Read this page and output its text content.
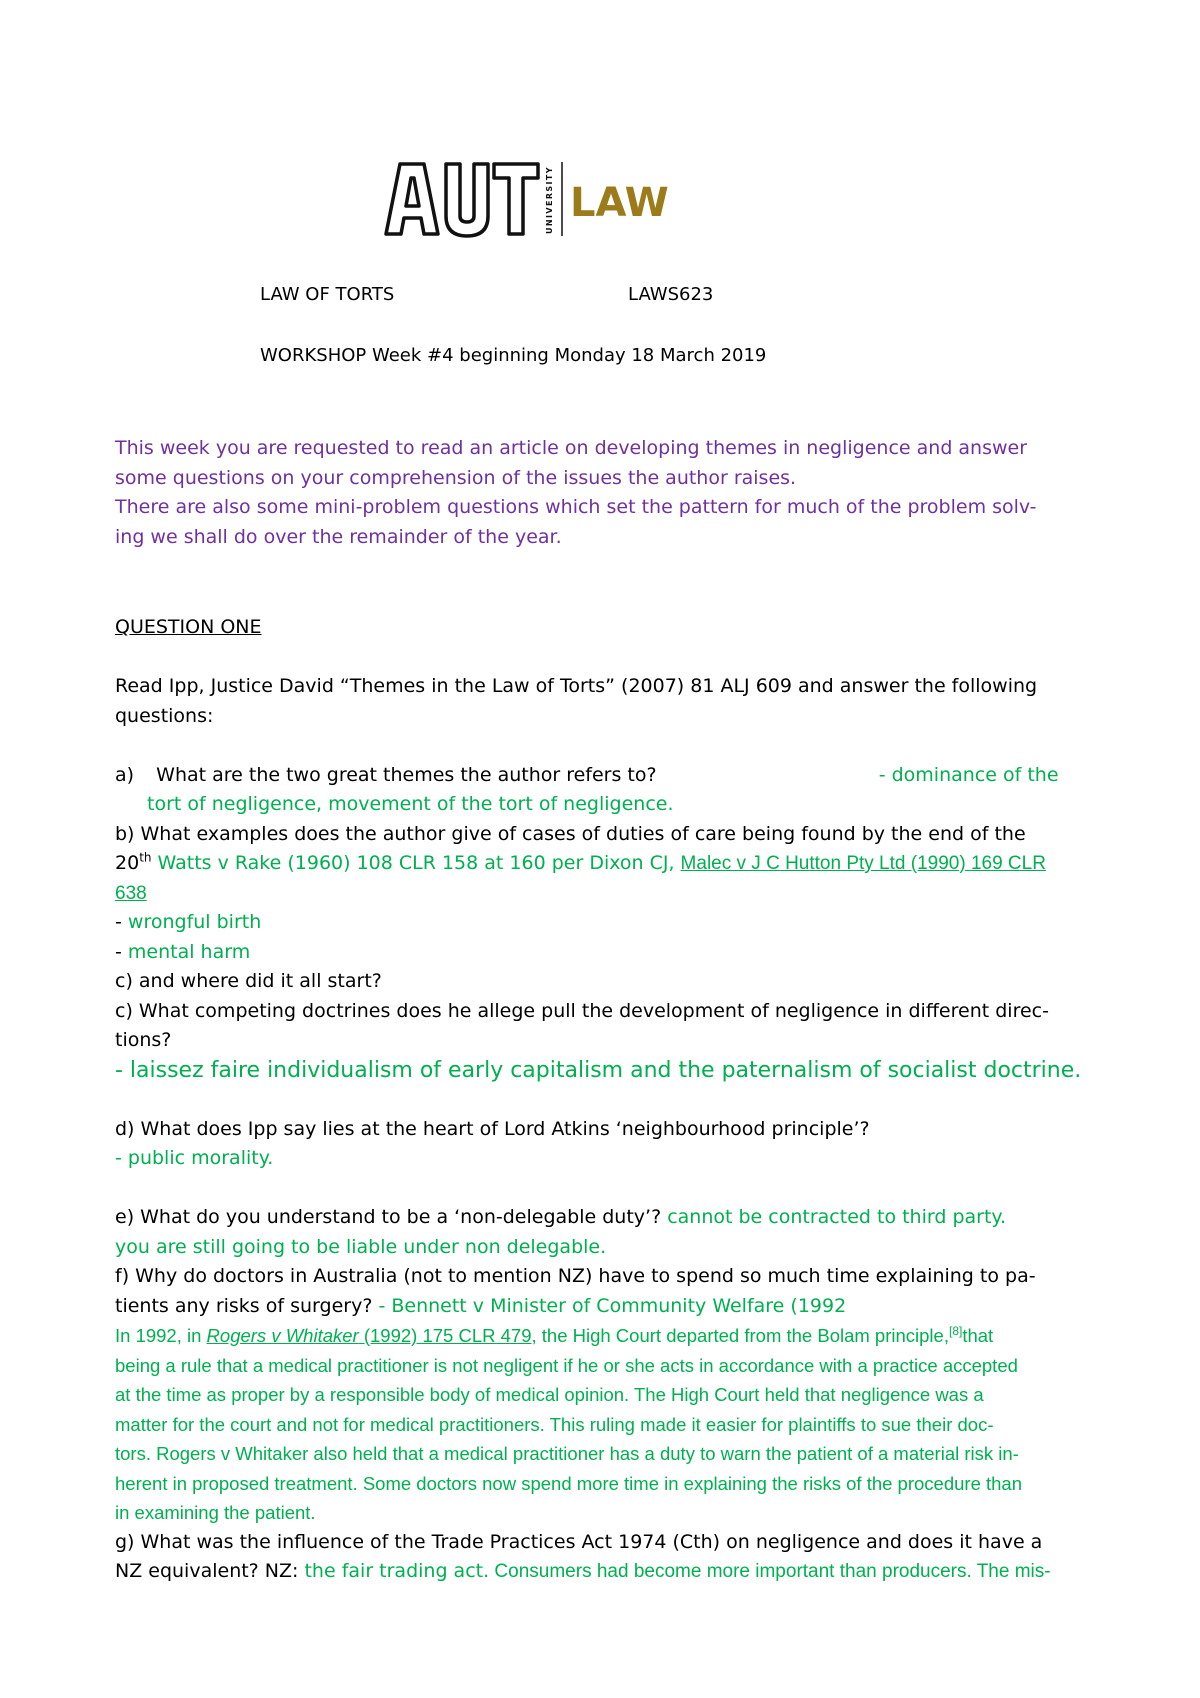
UNIVERSITY LAW
LAW OF TORTS	LAWS623
WORKSHOP Week #4 beginning Monday 18 March 2019
This week you are requested to read an article on developing themes in negligence and answer
some questions on your comprehension of the issues the author raises.
There are also some mini-problem questions which set the pattern for much of the problem solv-
ing we shall do over the remainder of the year.
QUESTION ONE
Read Ipp, Justice David “Themes in the Law of Torts” (2007) 81 ALJ 609 and answer the following
questions:
a) What are the two great themes the author refers to?	- dominance of the
tort of negligence, movement of the tort of negligence.
b) What examples does the author give of cases of duties of care being found by the end of the
20th Watts v Rake (1960) 108 CLR 158 at 160 per Dixon CJ, Malec v J C Hutton Pty Ltd (1990) 169 CLR
638
- wrongful birth
- mental harm
c) and where did it all start?
c) What competing doctrines does he allege pull the development of negligence in different direc-
tions?
- laissez faire individualism of early capitalism and the paternalism of socialist doctrine.
d) What does Ipp say lies at the heart of Lord Atkins ‘neighbourhood principle’?
- public morality.
e) What do you understand to be a ‘non-delegable duty’? cannot be contracted to third party.
you are still going to be liable under non delegable.
f) Why do doctors in Australia (not to mention NZ) have to spend so much time explaining to pa-
tients any risks of surgery? - Bennett v Minister of Community Welfare (1992
In 1992, in Rogers v Whitaker (1992) 175 CLR 479, the High Court departed from the Bolam principle,[8]that
being a rule that a medical practitioner is not negligent if he or she acts in accordance with a practice accepted
at the time as proper by a responsible body of medical opinion. The High Court held that negligence was a
matter for the court and not for medical practitioners. This ruling made it easier for plaintiffs to sue their doc-
tors. Rogers v Whitaker also held that a medical practitioner has a duty to warn the patient of a material risk in-
herent in proposed treatment. Some doctors now spend more time in explaining the risks of the procedure than
in examining the patient.
g) What was the influence of the Trade Practices Act 1974 (Cth) on negligence and does it have a
NZ equivalent? NZ: the fair trading act. Consumers had become more important than producers. The mis-
